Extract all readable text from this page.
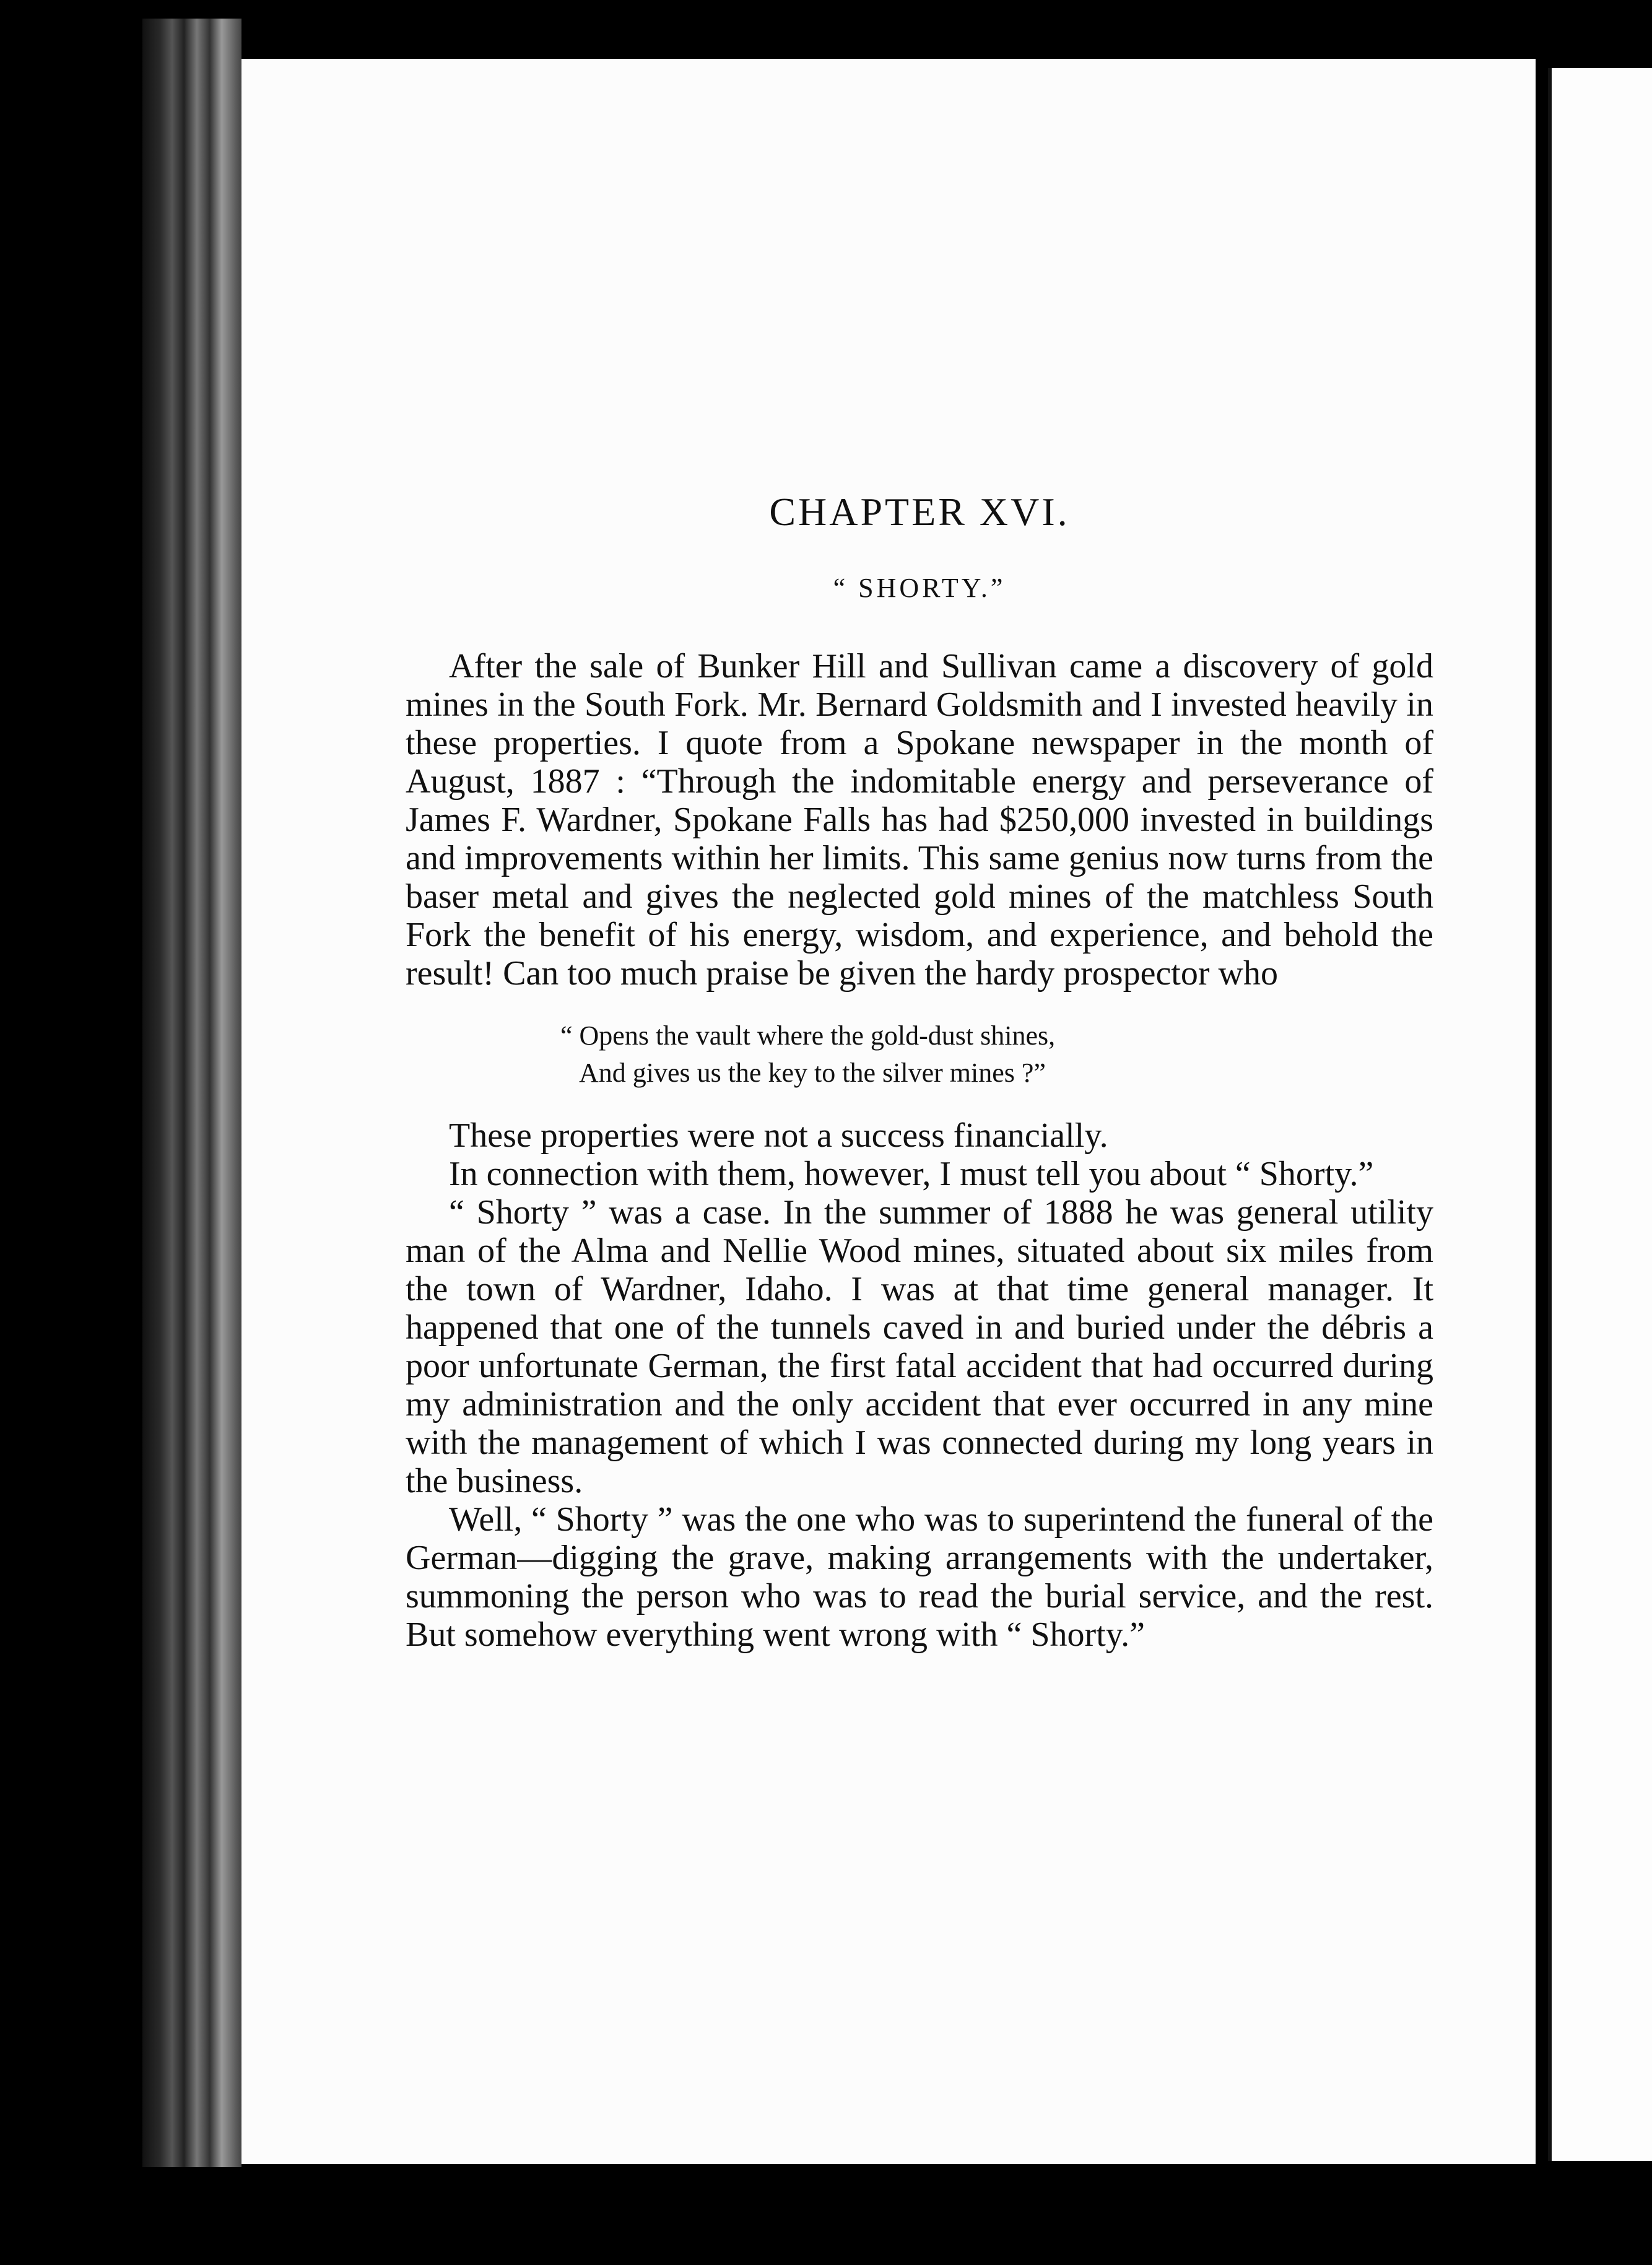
CHAPTER XVI.
“ SHORTY.”

After the sale of Bunker Hill and Sullivan came a discovery of gold mines in the South Fork. Mr. Bernard Goldsmith and I invested heavily in these properties. I quote from a Spokane newspaper in the month of August, 1887 : “Through the indomitable energy and perseverance of James F. Wardner, Spokane Falls has had $250,000 invested in buildings and improvements within her limits. This same genius now turns from the baser metal and gives the neglected gold mines of the matchless South Fork the benefit of his energy, wisdom, and experience, and behold the result! Can too much praise be given the hardy prospector who

“ Opens the vault where the gold-dust shines,
And gives us the key to the silver mines ?”

These properties were not a success financially.

In connection with them, however, I must tell you about “ Shorty.”

“ Shorty ” was a case. In the summer of 1888 he was general utility man of the Alma and Nellie Wood mines, situated about six miles from the town of Wardner, Idaho. I was at that time general manager. It happened that one of the tunnels caved in and buried under the débris a poor unfortunate German, the first fatal accident that had occurred during my administration and the only accident that ever occurred in any mine with the management of which I was connected during my long years in the business.

Well, “ Shorty ” was the one who was to superintend the funeral of the German—digging the grave, making arrangements with the undertaker, summoning the person who was to read the burial service, and the rest. But somehow everything went wrong with “ Shorty.”
